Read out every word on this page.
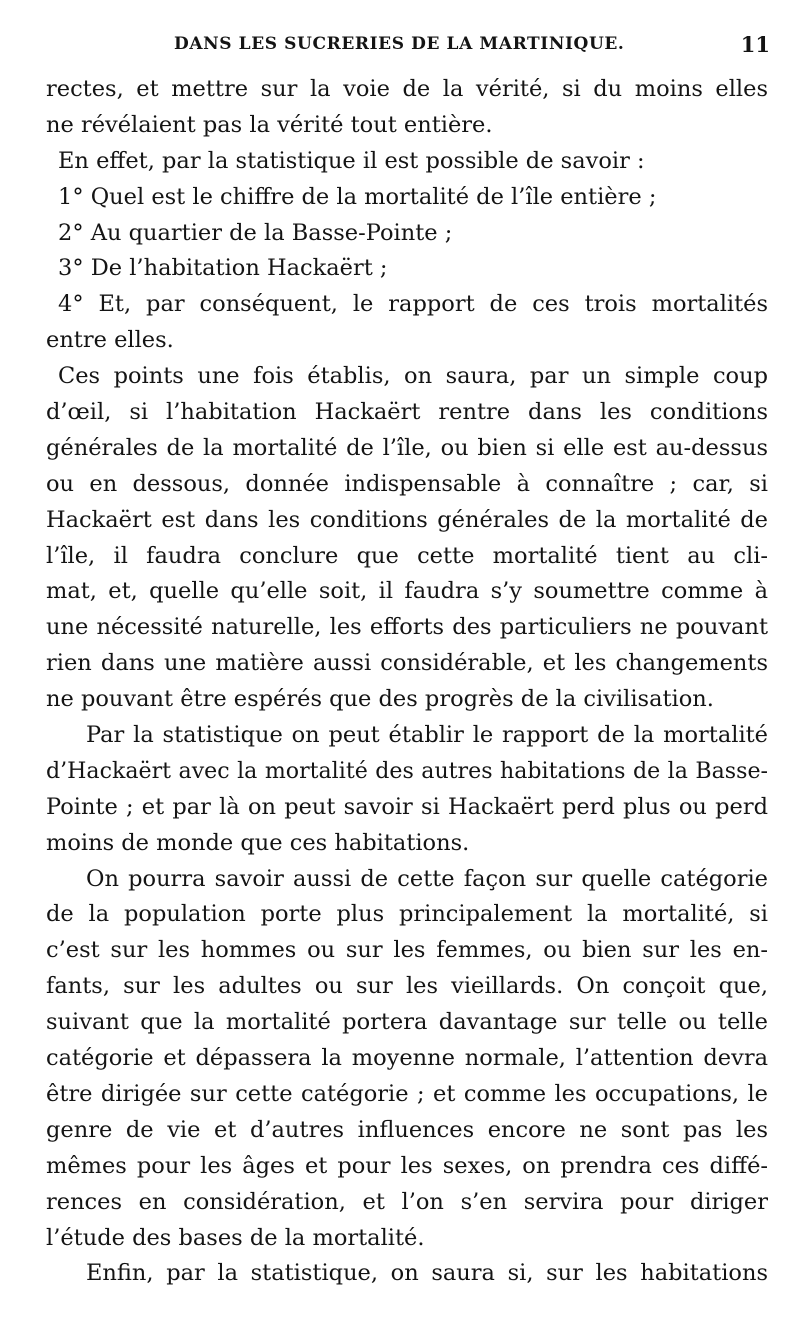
DANS LES SUCRERIES DE LA MARTINIQUE.	11
rectes, et mettre sur la voie de la vérité, si du moins elles
ne révélaient pas la vérité tout entière.
En effet, par la statistique il est possible de savoir :
1° Quel est le chiffre de la mortalité de l’île entière ;
2° Au quartier de la Basse-Pointe ;
3° De l’habitation Hackaërt ;
4° Et, par conséquent, le rapport de ces trois mortalités
entre elles.
Ces points une fois établis, on saura, par un simple coup
d’œil, si l’habitation Hackaërt rentre dans les conditions
générales de la mortalité de l’île, ou bien si elle est au-dessus
ou en dessous, donnée indispensable à connaître ; car, si
Hackaërt est dans les conditions générales de la mortalité de
l’île, il faudra conclure que cette mortalité tient au cli-
mat, et, quelle qu’elle soit, il faudra s’y soumettre comme à
une nécessité naturelle, les efforts des particuliers ne pouvant
rien dans une matière aussi considérable, et les changements
ne pouvant être espérés que des progrès de la civilisation.
Par la statistique on peut établir le rapport de la mortalité
d’Hackaërt avec la mortalité des autres habitations de la Basse-
Pointe ; et par là on peut savoir si Hackaërt perd plus ou perd
moins de monde que ces habitations.
On pourra savoir aussi de cette façon sur quelle catégorie
de la population porte plus principalement la mortalité, si
c’est sur les hommes ou sur les femmes, ou bien sur les en-
fants, sur les adultes ou sur les vieillards. On conçoit que,
suivant que la mortalité portera davantage sur telle ou telle
catégorie et dépassera la moyenne normale, l’attention devra
être dirigée sur cette catégorie ; et comme les occupations, le
genre de vie et d’autres influences encore ne sont pas les
mêmes pour les âges et pour les sexes, on prendra ces diffé-
rences en considération, et l’on s’en servira pour diriger
l’étude des bases de la mortalité.
Enfin, par la statistique, on saura si, sur les habitations
